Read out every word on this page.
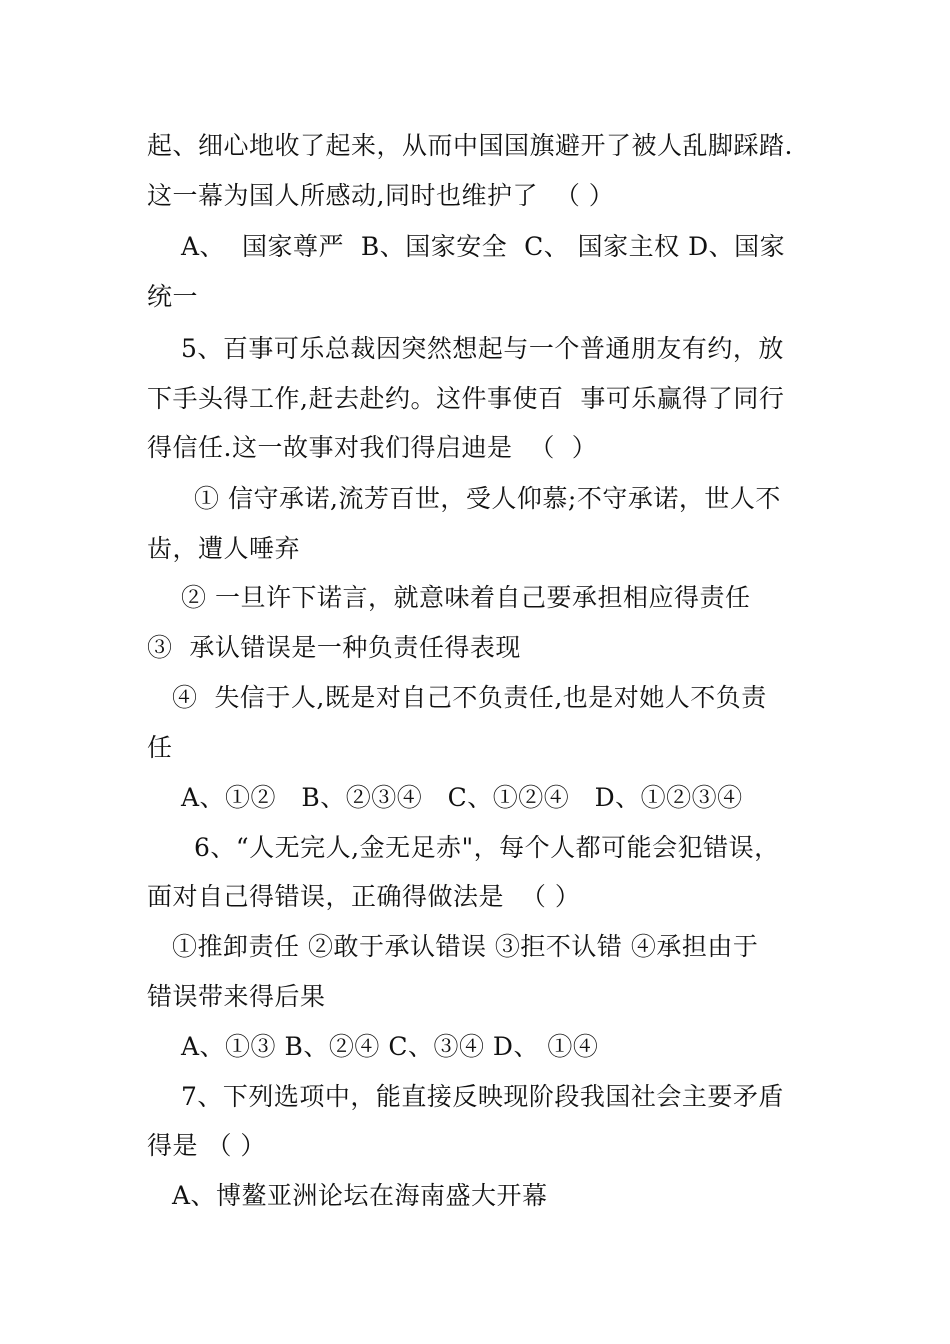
起、细心地收了起来，从而中国国旗避开了被人乱脚踩踏.
这一幕为国人所感动,同时也维护了  （ ）
A、  国家尊严  B、国家安全  C、 国家主权 D、国家
统一
5、百事可乐总裁因突然想起与一个普通朋友有约，放
下手头得工作,赶去赴约。这件事使百  事可乐赢得了同行
得信任.这一故事对我们得启迪是  （  ）
① 信守承诺,流芳百世，受人仰慕;不守承诺，世人不
齿，遭人唾弃
② 一旦许下诺言，就意味着自己要承担相应得责任
③  承认错误是一种负责任得表现
④  失信于人,既是对自己不负责任,也是对她人不负责
任
A、①②   B、②③④   C、①②④   D、①②③④
6、“人无完人,金无足赤"，每个人都可能会犯错误，
面对自己得错误，正确得做法是  （ ）
①推卸责任 ②敢于承认错误 ③拒不认错 ④承担由于
错误带来得后果
A、①③ B、②④ C、③④ D、 ①④
7、下列选项中，能直接反映现阶段我国社会主要矛盾
得是 （ ）
A、博鳌亚洲论坛在海南盛大开幕
